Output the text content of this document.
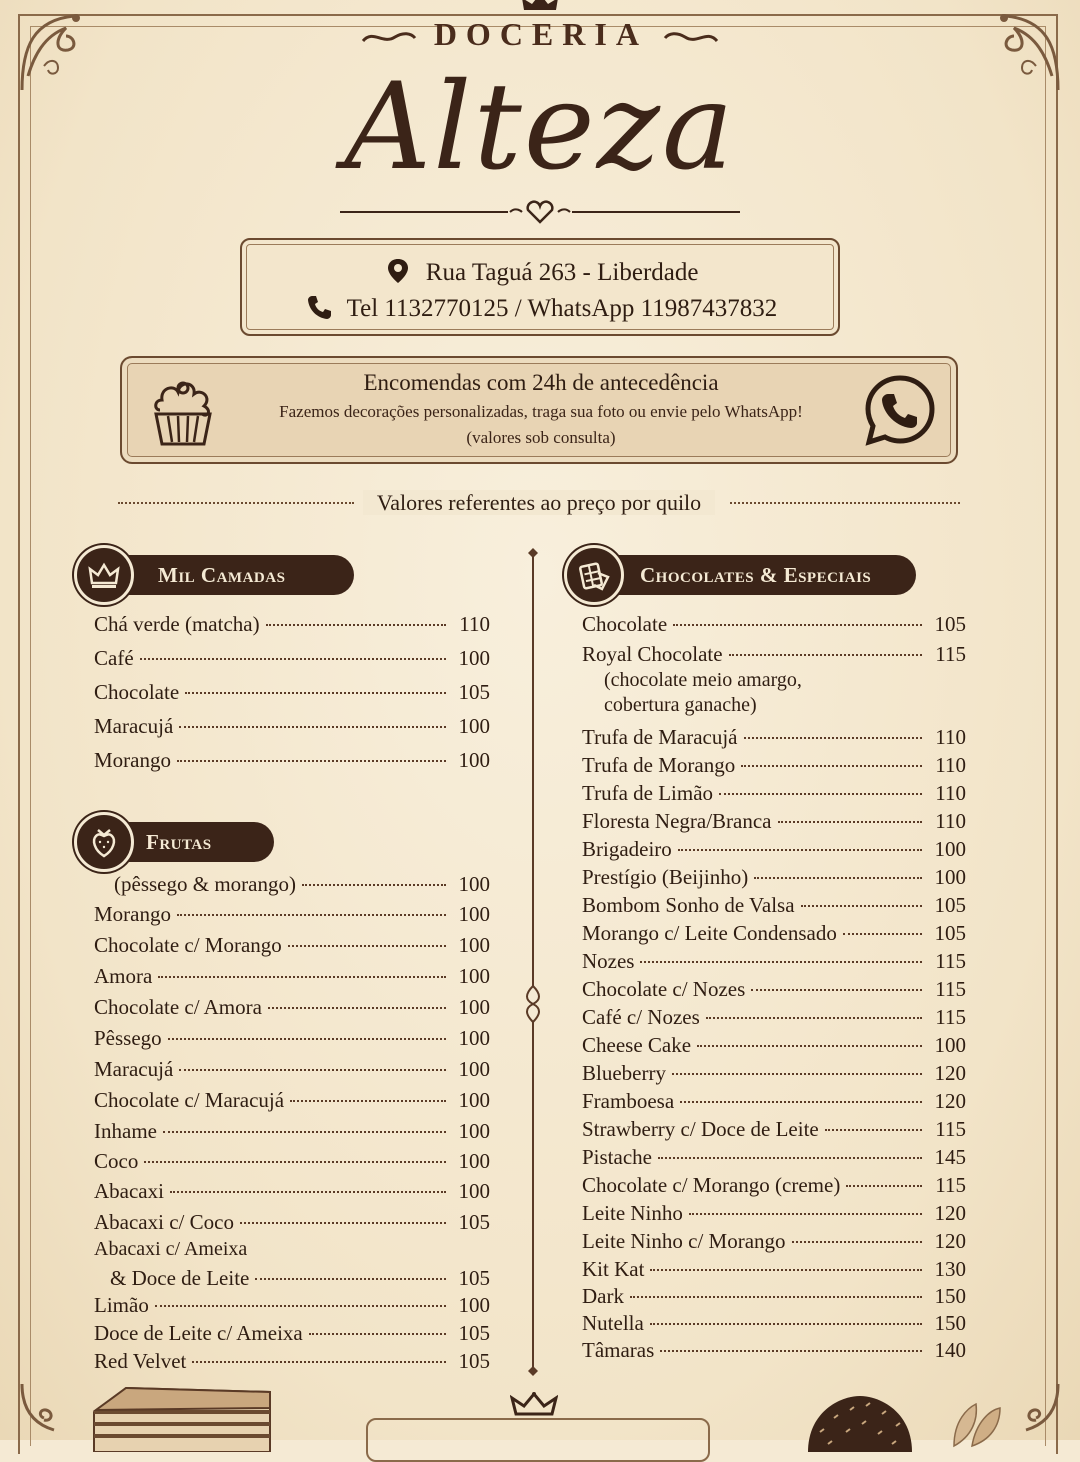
DOCERIA
Alteza
Rua Taguá 263 - Liberdade
Tel 1132770125 / WhatsApp 11987437832
Encomendas com 24h de antecedência
Fazemos decorações personalizadas, traga sua foto ou envie pelo WhatsApp!
(valores sob consulta)
Valores referentes ao preço por quilo
Mil Camadas
Chá verde (matcha)	110
Café	100
Chocolate	105
Maracujá	100
Morango	100
Frutas
(pêssego & morango)	100
Morango	100
Chocolate c/ Morango	100
Amora	100
Chocolate c/ Amora	100
Pêssego	100
Maracujá	100
Chocolate c/ Maracujá	100
Inhame	100
Coco	100
Abacaxi	100
Abacaxi c/ Coco	105
Abacaxi c/ Ameixa
& Doce de Leite	105
Limão	100
Doce de Leite c/ Ameixa	105
Red Velvet	105
Chocolates & Especiais
Chocolate	105
Royal Chocolate	115
(chocolate meio amargo,
cobertura ganache)
Trufa de Maracujá	110
Trufa de Morango	110
Trufa de Limão	110
Floresta Negra/Branca	110
Brigadeiro	100
Prestígio (Beijinho)	100
Bombom Sonho de Valsa	105
Morango c/ Leite Condensado	105
Nozes	115
Chocolate c/ Nozes	115
Café c/ Nozes	115
Cheese Cake	100
Blueberry	120
Framboesa	120
Strawberry c/ Doce de Leite	115
Pistache	145
Chocolate c/ Morango (creme)	115
Leite Ninho	120
Leite Ninho c/ Morango	120
Kit Kat	130
Dark	150
Nutella	150
Tâmaras	140
